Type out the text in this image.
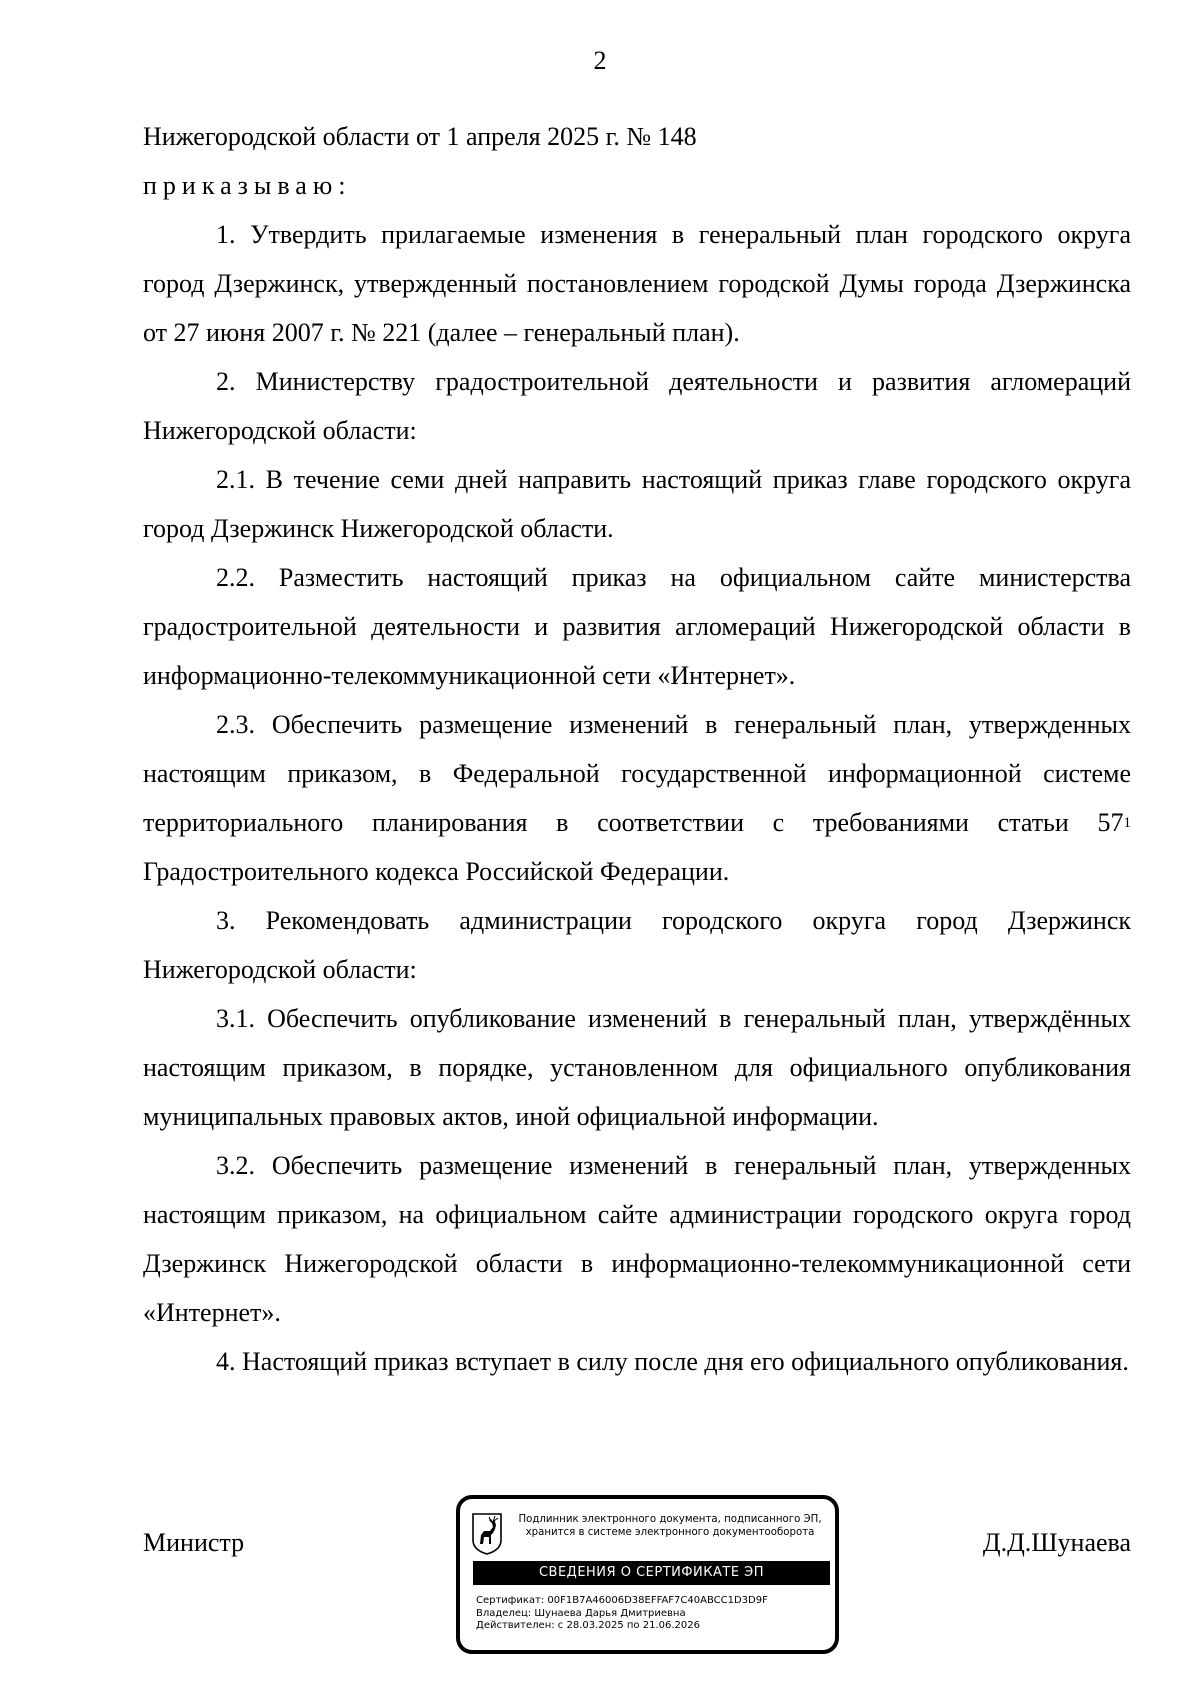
2

Нижегородской области от 1 апреля 2025 г. № 148

приказываю:

1. Утвердить прилагаемые изменения в генеральный план городского округа город Дзержинск, утвержденный постановлением городской Думы города Дзержинска от 27 июня 2007 г. № 221 (далее – генеральный план).

2. Министерству градостроительной деятельности и развития агломераций Нижегородской области:

2.1. В течение семи дней направить настоящий приказ главе городского округа город Дзержинск Нижегородской области.

2.2. Разместить настоящий приказ на официальном сайте министерства градостроительной деятельности и развития агломераций Нижегородской области в информационно-телекоммуникационной сети «Интернет».

2.3. Обеспечить размещение изменений в генеральный план, утвержденных настоящим приказом, в Федеральной государственной информационной системе территориального планирования в соответствии с требованиями статьи $57^1$ Градостроительного кодекса Российской Федерации.

3. Рекомендовать администрации городского округа город Дзержинск Нижегородской области:

3.1. Обеспечить опубликование изменений в генеральный план, утверждённых настоящим приказом, в порядке, установленном для официального опубликования муниципальных правовых актов, иной официальной информации.

3.2. Обеспечить размещение изменений в генеральный план, утвержденных настоящим приказом, на официальном сайте администрации городского округа город Дзержинск Нижегородской области в информационно-телекоммуникационной сети «Интернет».

4. Настоящий приказ вступает в силу после дня его официального опубликования.

Министр	Д.Д.Шунаева
Подлинник электронного документа, подписанного ЭП,
хранится в системе электронного документооборота
СВЕДЕНИЯ О СЕРТИФИКАТЕ ЭП
Сертификат: 00F1B7A46006D38EFFAF7C40ABCC1D3D9F
Владелец: Шунаева Дарья Дмитриевна
Действителен: с 28.03.2025 по 21.06.2026
